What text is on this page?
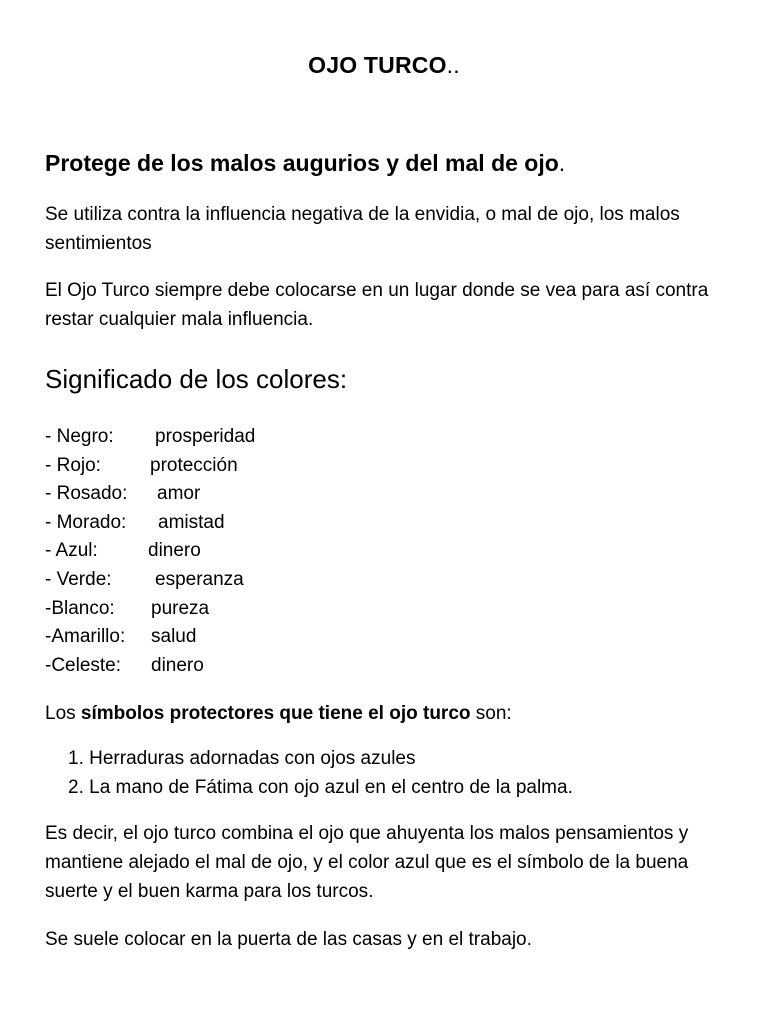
OJO TURCO..
Protege de los malos augurios y del mal de ojo.

Se utiliza contra la influencia negativa de la envidia, o mal de ojo, los malos sentimientos

El Ojo Turco siempre debe colocarse en un lugar donde se vea para así contra restar cualquier mala influencia.

Significado de los colores:
- Negro: prosperidad
- Rojo:	protección
- Rosado: amor
- Morado: amistad
- Azul:	dinero
- Verde: esperanza
-Blanco: pureza
-Amarillo: salud
-Celeste: dinero

Los símbolos protectores que tiene el ojo turco son:

1. Herraduras adornadas con ojos azules
2. La mano de Fátima con ojo azul en el centro de la palma.

Es decir, el ojo turco combina el ojo que ahuyenta los malos pensamientos y mantiene alejado el mal de ojo, y el color azul que es el símbolo de la buena suerte y el buen karma para los turcos.

Se suele colocar en la puerta de las casas y en el trabajo.
